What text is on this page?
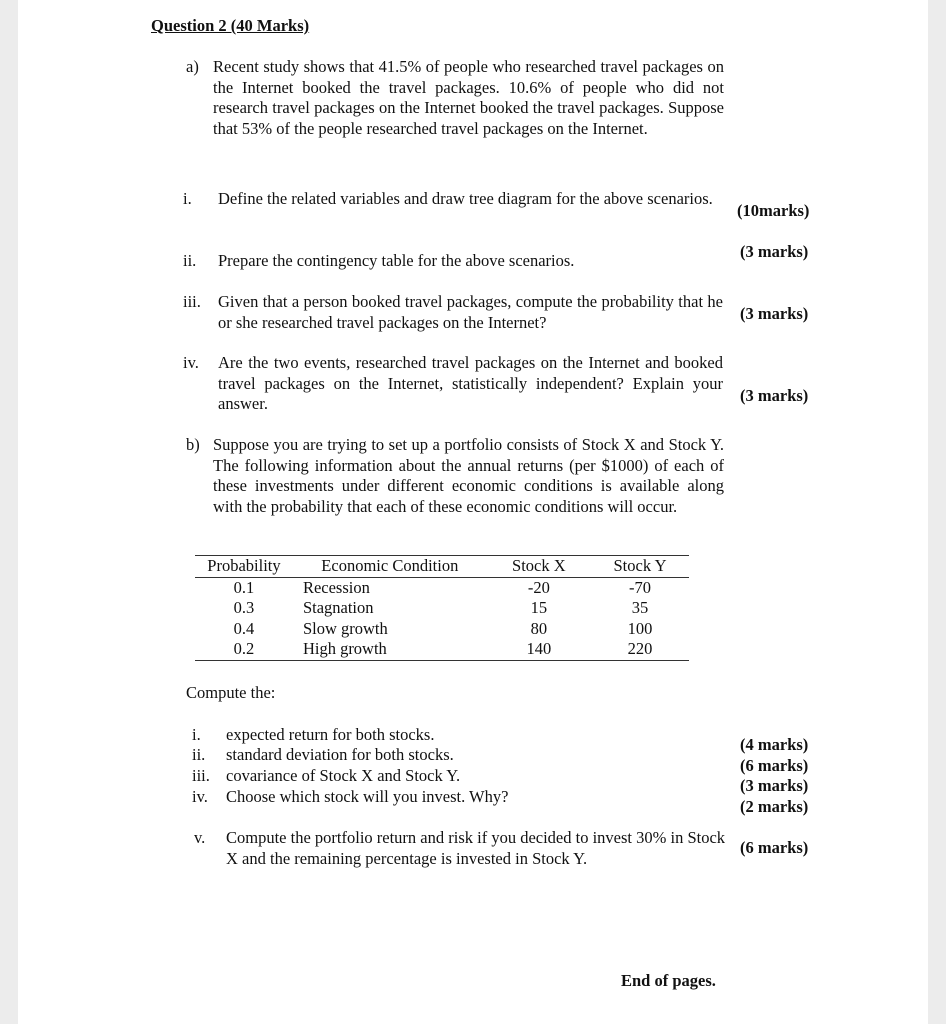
Question 2 (40 Marks)
a) Recent study shows that 41.5% of people who researched travel packages on the Internet booked the travel packages. 10.6% of people who did not research travel packages on the Internet booked the travel packages. Suppose that 53% of the people researched travel packages on the Internet.
i. Define the related variables and draw tree diagram for the above scenarios.
(10marks)
ii. Prepare the contingency table for the above scenarios.	(3 marks)
iii. Given that a person booked travel packages, compute the probability that he or she researched travel packages on the Internet?	(3 marks)
iv. Are the two events, researched travel packages on the Internet and booked travel packages on the Internet, statistically independent? Explain your answer.	(3 marks)
b) Suppose you are trying to set up a portfolio consists of Stock X and Stock Y. The following information about the annual returns (per $1000) of each of these investments under different economic conditions is available along with the probability that each of these economic conditions will occur.
Probability	Economic Condition	Stock X	Stock Y
0.1	Recession	-20	-70
0.3	Stagnation	15	35
0.4	Slow growth	80	100
0.2	High growth	140	220
Compute the:
i. expected return for both stocks.
ii. standard deviation for both stocks.
iii. covariance of Stock X and Stock Y.
iv. Choose which stock will you invest. Why?
(4 marks)
(6 marks)
(3 marks)
(2 marks)
v. Compute the portfolio return and risk if you decided to invest 30% in Stock X and the remaining percentage is invested in Stock Y.
(6 marks)
End of pages.
